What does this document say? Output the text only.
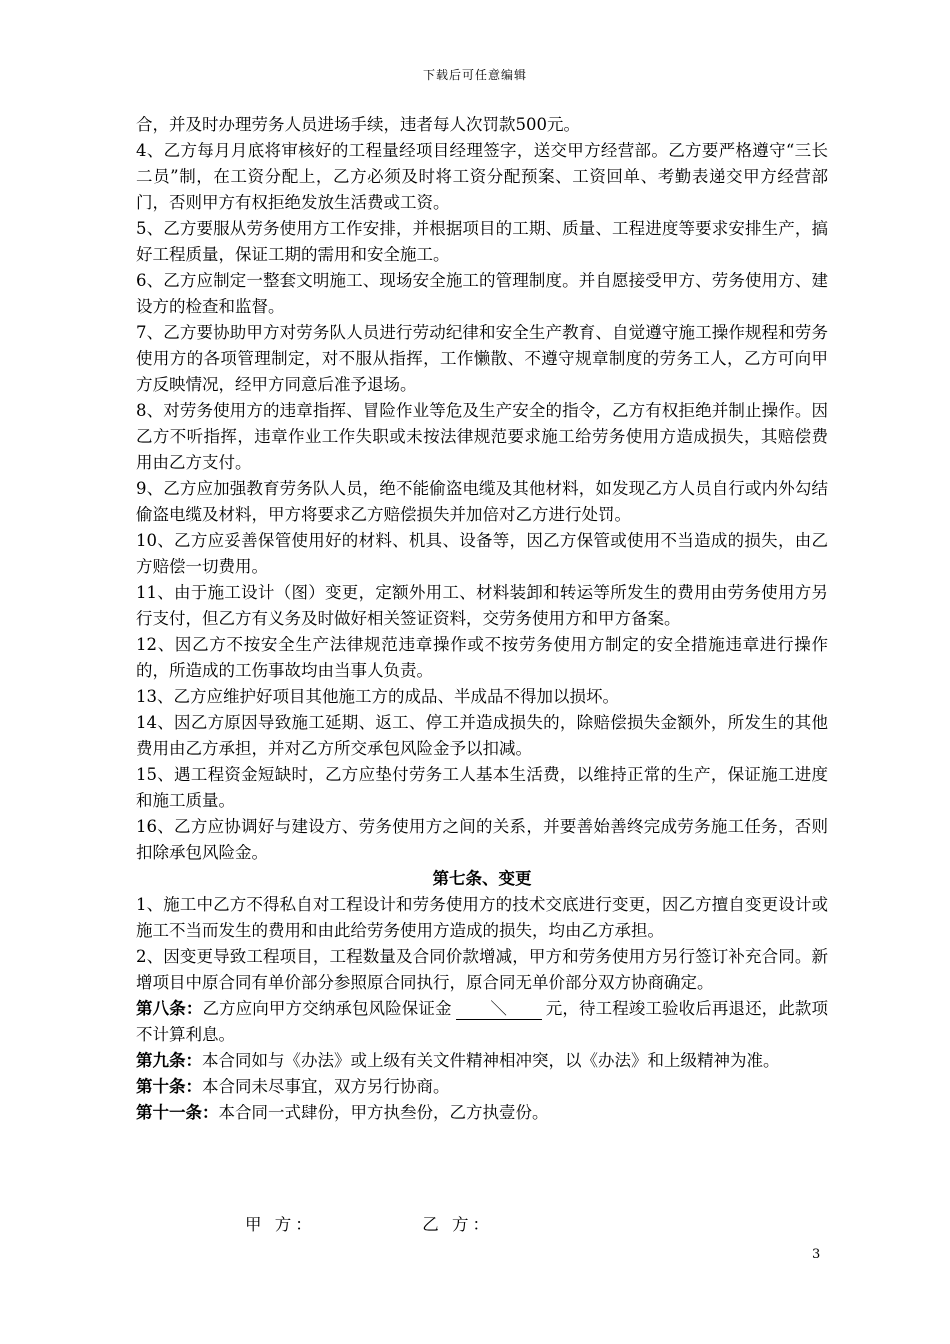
下载后可任意编辑

合，并及时办理劳务人员进场手续，违者每人次罚款500元。

4、乙方每月月底将审核好的工程量经项目经理签字，送交甲方经营部。乙方要严格遵守“三长二员”制，在工资分配上，乙方必须及时将工资分配预案、工资回单、考勤表递交甲方经营部门，否则甲方有权拒绝发放生活费或工资。

5、乙方要服从劳务使用方工作安排，并根据项目的工期、质量、工程进度等要求安排生产，搞好工程质量，保证工期的需用和安全施工。

6、乙方应制定一整套文明施工、现场安全施工的管理制度。并自愿接受甲方、劳务使用方、建设方的检查和监督。

7、乙方要协助甲方对劳务队人员进行劳动纪律和安全生产教育、自觉遵守施工操作规程和劳务使用方的各项管理制定，对不服从指挥，工作懒散、不遵守规章制度的劳务工人，乙方可向甲方反映情况，经甲方同意后准予退场。

8、对劳务使用方的违章指挥、冒险作业等危及生产安全的指令，乙方有权拒绝并制止操作。因乙方不听指挥，违章作业工作失职或未按法律规范要求施工给劳务使用方造成损失，其赔偿费用由乙方支付。

9、乙方应加强教育劳务队人员，绝不能偷盗电缆及其他材料，如发现乙方人员自行或内外勾结偷盗电缆及材料，甲方将要求乙方赔偿损失并加倍对乙方进行处罚。

10、乙方应妥善保管使用好的材料、机具、设备等，因乙方保管或使用不当造成的损失，由乙方赔偿一切费用。

11、由于施工设计（图）变更，定额外用工、材料装卸和转运等所发生的费用由劳务使用方另行支付，但乙方有义务及时做好相关签证资料，交劳务使用方和甲方备案。

12、因乙方不按安全生产法律规范违章操作或不按劳务使用方制定的安全措施违章进行操作的，所造成的工伤事故均由当事人负责。

13、乙方应维护好项目其他施工方的成品、半成品不得加以损坏。

14、因乙方原因导致施工延期、返工、停工并造成损失的，除赔偿损失金额外，所发生的其他费用由乙方承担，并对乙方所交承包风险金予以扣减。

15、遇工程资金短缺时，乙方应垫付劳务工人基本生活费，以维持正常的生产，保证施工进度和施工质量。

16、乙方应协调好与建设方、劳务使用方之间的关系，并要善始善终完成劳务施工任务，否则扣除承包风险金。

第七条、变更

1、施工中乙方不得私自对工程设计和劳务使用方的技术交底进行变更，因乙方擅自变更设计或施工不当而发生的费用和由此给劳务使用方造成的损失，均由乙方承担。

2、因变更导致工程项目，工程数量及合同价款增减，甲方和劳务使用方另行签订补充合同。新增项目中原合同有单价部分参照原合同执行，原合同无单价部分双方协商确定。

第八条：乙方应向甲方交纳承包风险保证金 ＼ 元，待工程竣工验收后再退还，此款项不计算利息。

第九条：本合同如与《办法》或上级有关文件精神相冲突，以《办法》和上级精神为准。

第十条：本合同未尽事宜，双方另行协商。

第十一条：本合同一式肆份，甲方执叁份，乙方执壹份。

甲 方：	乙 方：
3
